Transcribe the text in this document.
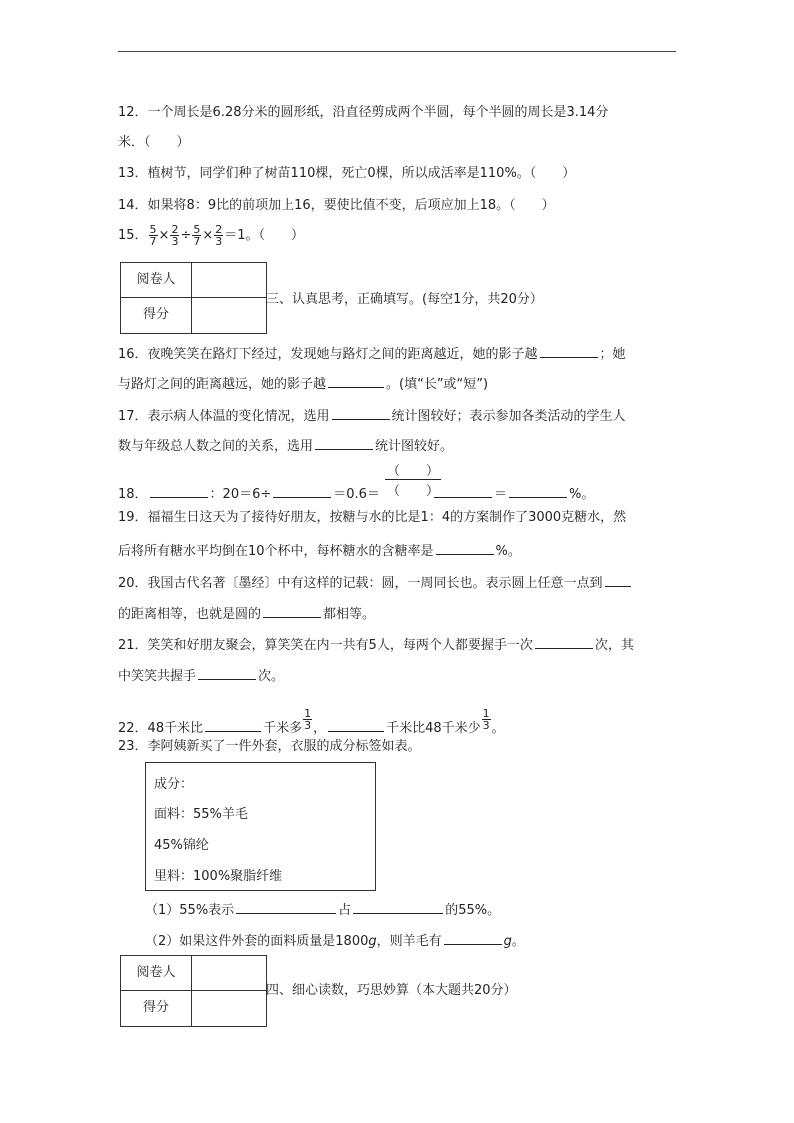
12．一个周长是6.28分米的圆形纸，沿直径剪成两个半圆，每个半圆的周长是3.14分
米．（　　）
13．植树节，同学们种了树苗110棵，死亡0棵，所以成活率是110%。（　　）
14．如果将8：9比的前项加上16，要使比值不变，后项应加上18。（　　）
15． $\frac{5}{7} \times \frac{2}{3} \div \frac{5}{7} \times \frac{2}{3} =1$。（　　）
阅卷人
得分
三、认真思考，正确填写。(每空1分，共20分）
16．夜晚笑笑在路灯下经过，发现她与路灯之间的距离越近，她的影子越	；她
与路灯之间的距离越远，她的影子越	。(填“长”或“短”)
17．表示病人体温的变化情况，选用	统计图较好；表示参加各类活动的学生人
数与年级总人数之间的关系，选用	统计图较好。
（　　）
（　　）
18．	：20＝6÷	＝0.6＝	＝	%。
19．福福生日这天为了接待好朋友，按糖与水的比是1：4的方案制作了3000克糖水，然
后将所有糖水平均倒在10个杯中，每杯糖水的含糖率是	%。
20．我国古代名著〔墨经〕中有这样的记载：圆，一周同长也。表示圆上任意一点到
的距离相等，也就是圆的	都相等。
21．笑笑和好朋友聚会，算笑笑在内一共有5人，每两个人都要握手一次	次，其
中笑笑共握手	次。
22．48千米比	千米多 $\frac{1}{3}$ ，	千米比48千米少 $\frac{1}{3}$ 。
23．李阿姨新买了一件外套，衣服的成分标签如表。
成分：
面料：55%羊毛
45%锦纶
里料：100%聚脂纤维
（1）55%表示	占	的55%。
（2）如果这件外套的面料质量是1800g，则羊毛有	g。
阅卷人
得分
四、细心读数，巧思妙算（本大题共20分）
